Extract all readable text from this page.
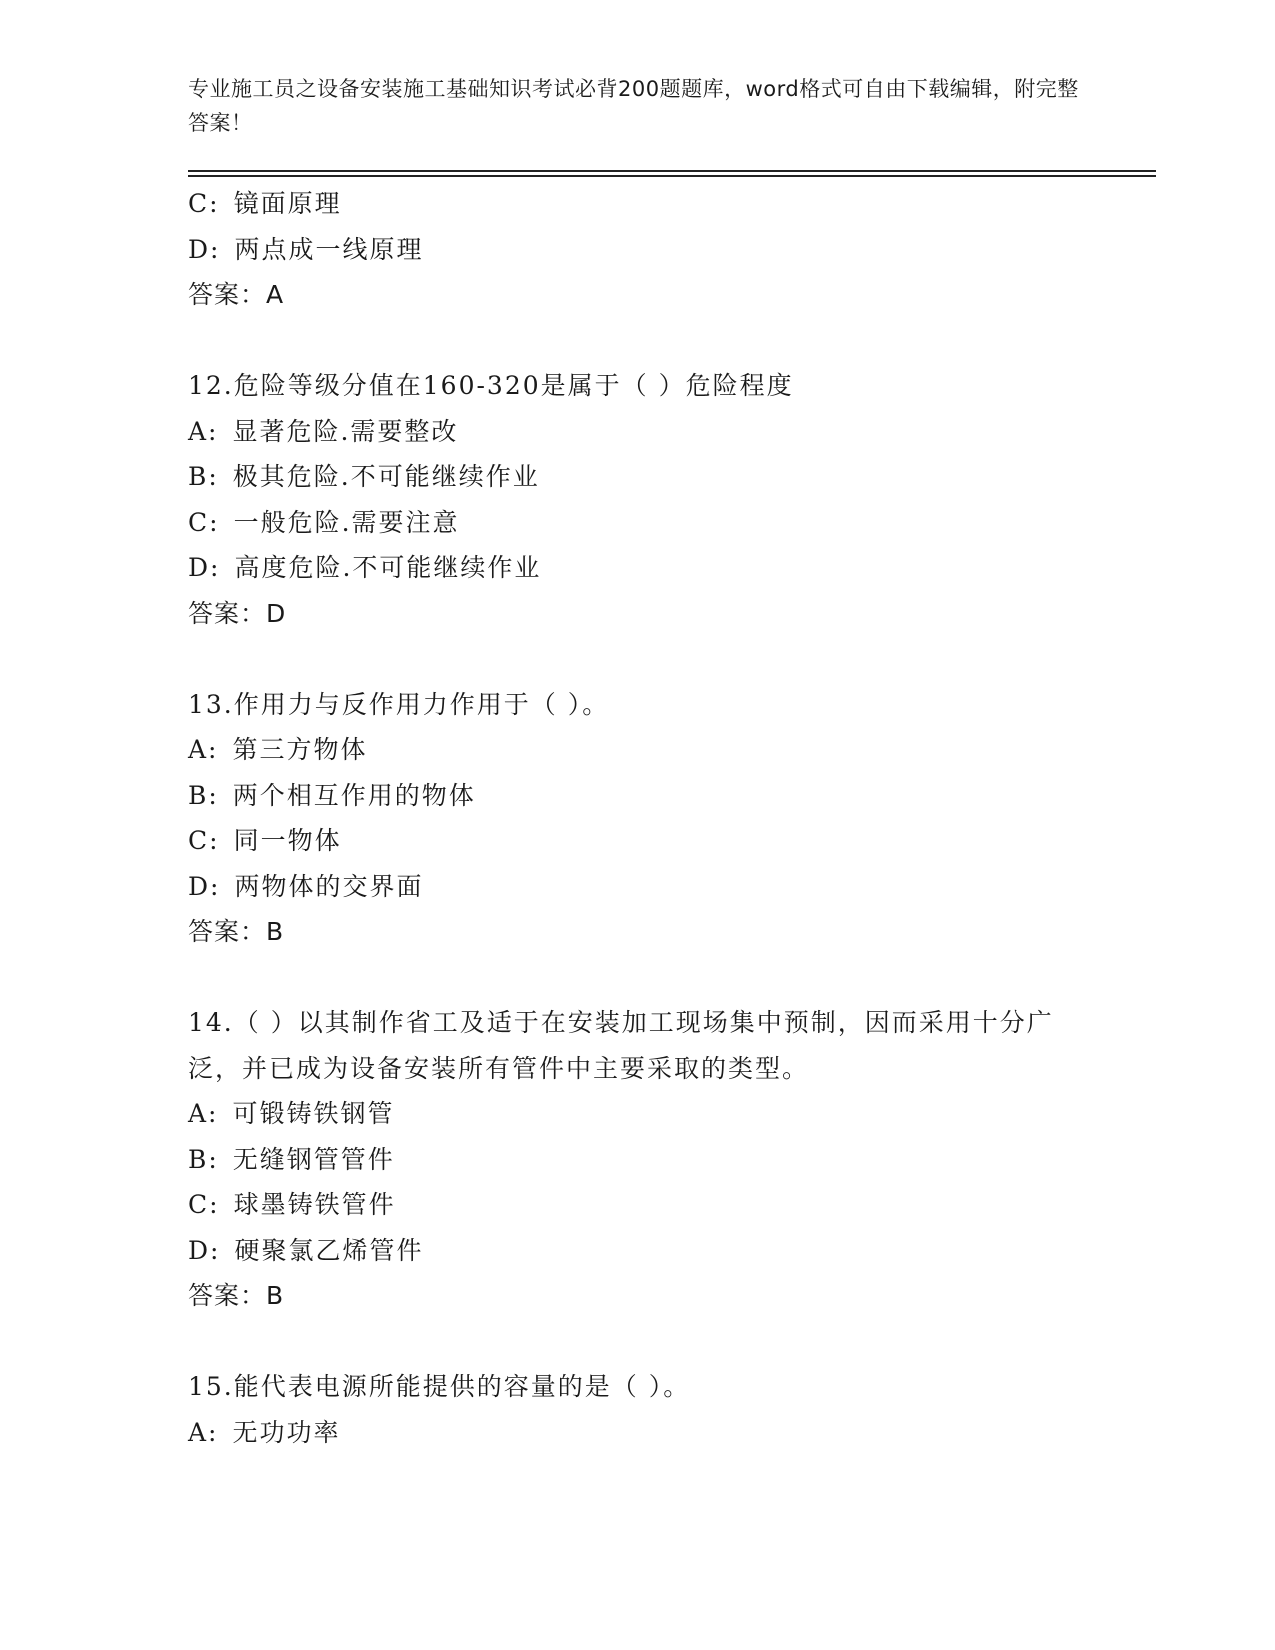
专业施工员之设备安装施工基础知识考试必背200题题库，word格式可自由下载编辑，附完整答案！
C: 镜面原理
D: 两点成一线原理
答案：A
12.危险等级分值在160-320是属于（ ）危险程度
A: 显著危险.需要整改
B: 极其危险.不可能继续作业
C: 一般危险.需要注意
D: 高度危险.不可能继续作业
答案：D
13.作用力与反作用力作用于（ ）。
A: 第三方物体
B: 两个相互作用的物体
C: 同一物体
D: 两物体的交界面
答案：B
14.（ ）以其制作省工及适于在安装加工现场集中预制，因而采用十分广泛，并已成为设备安装所有管件中主要采取的类型。
A: 可锻铸铁钢管
B: 无缝钢管管件
C: 球墨铸铁管件
D: 硬聚氯乙烯管件
答案：B
15.能代表电源所能提供的容量的是（ ）。
A: 无功功率
